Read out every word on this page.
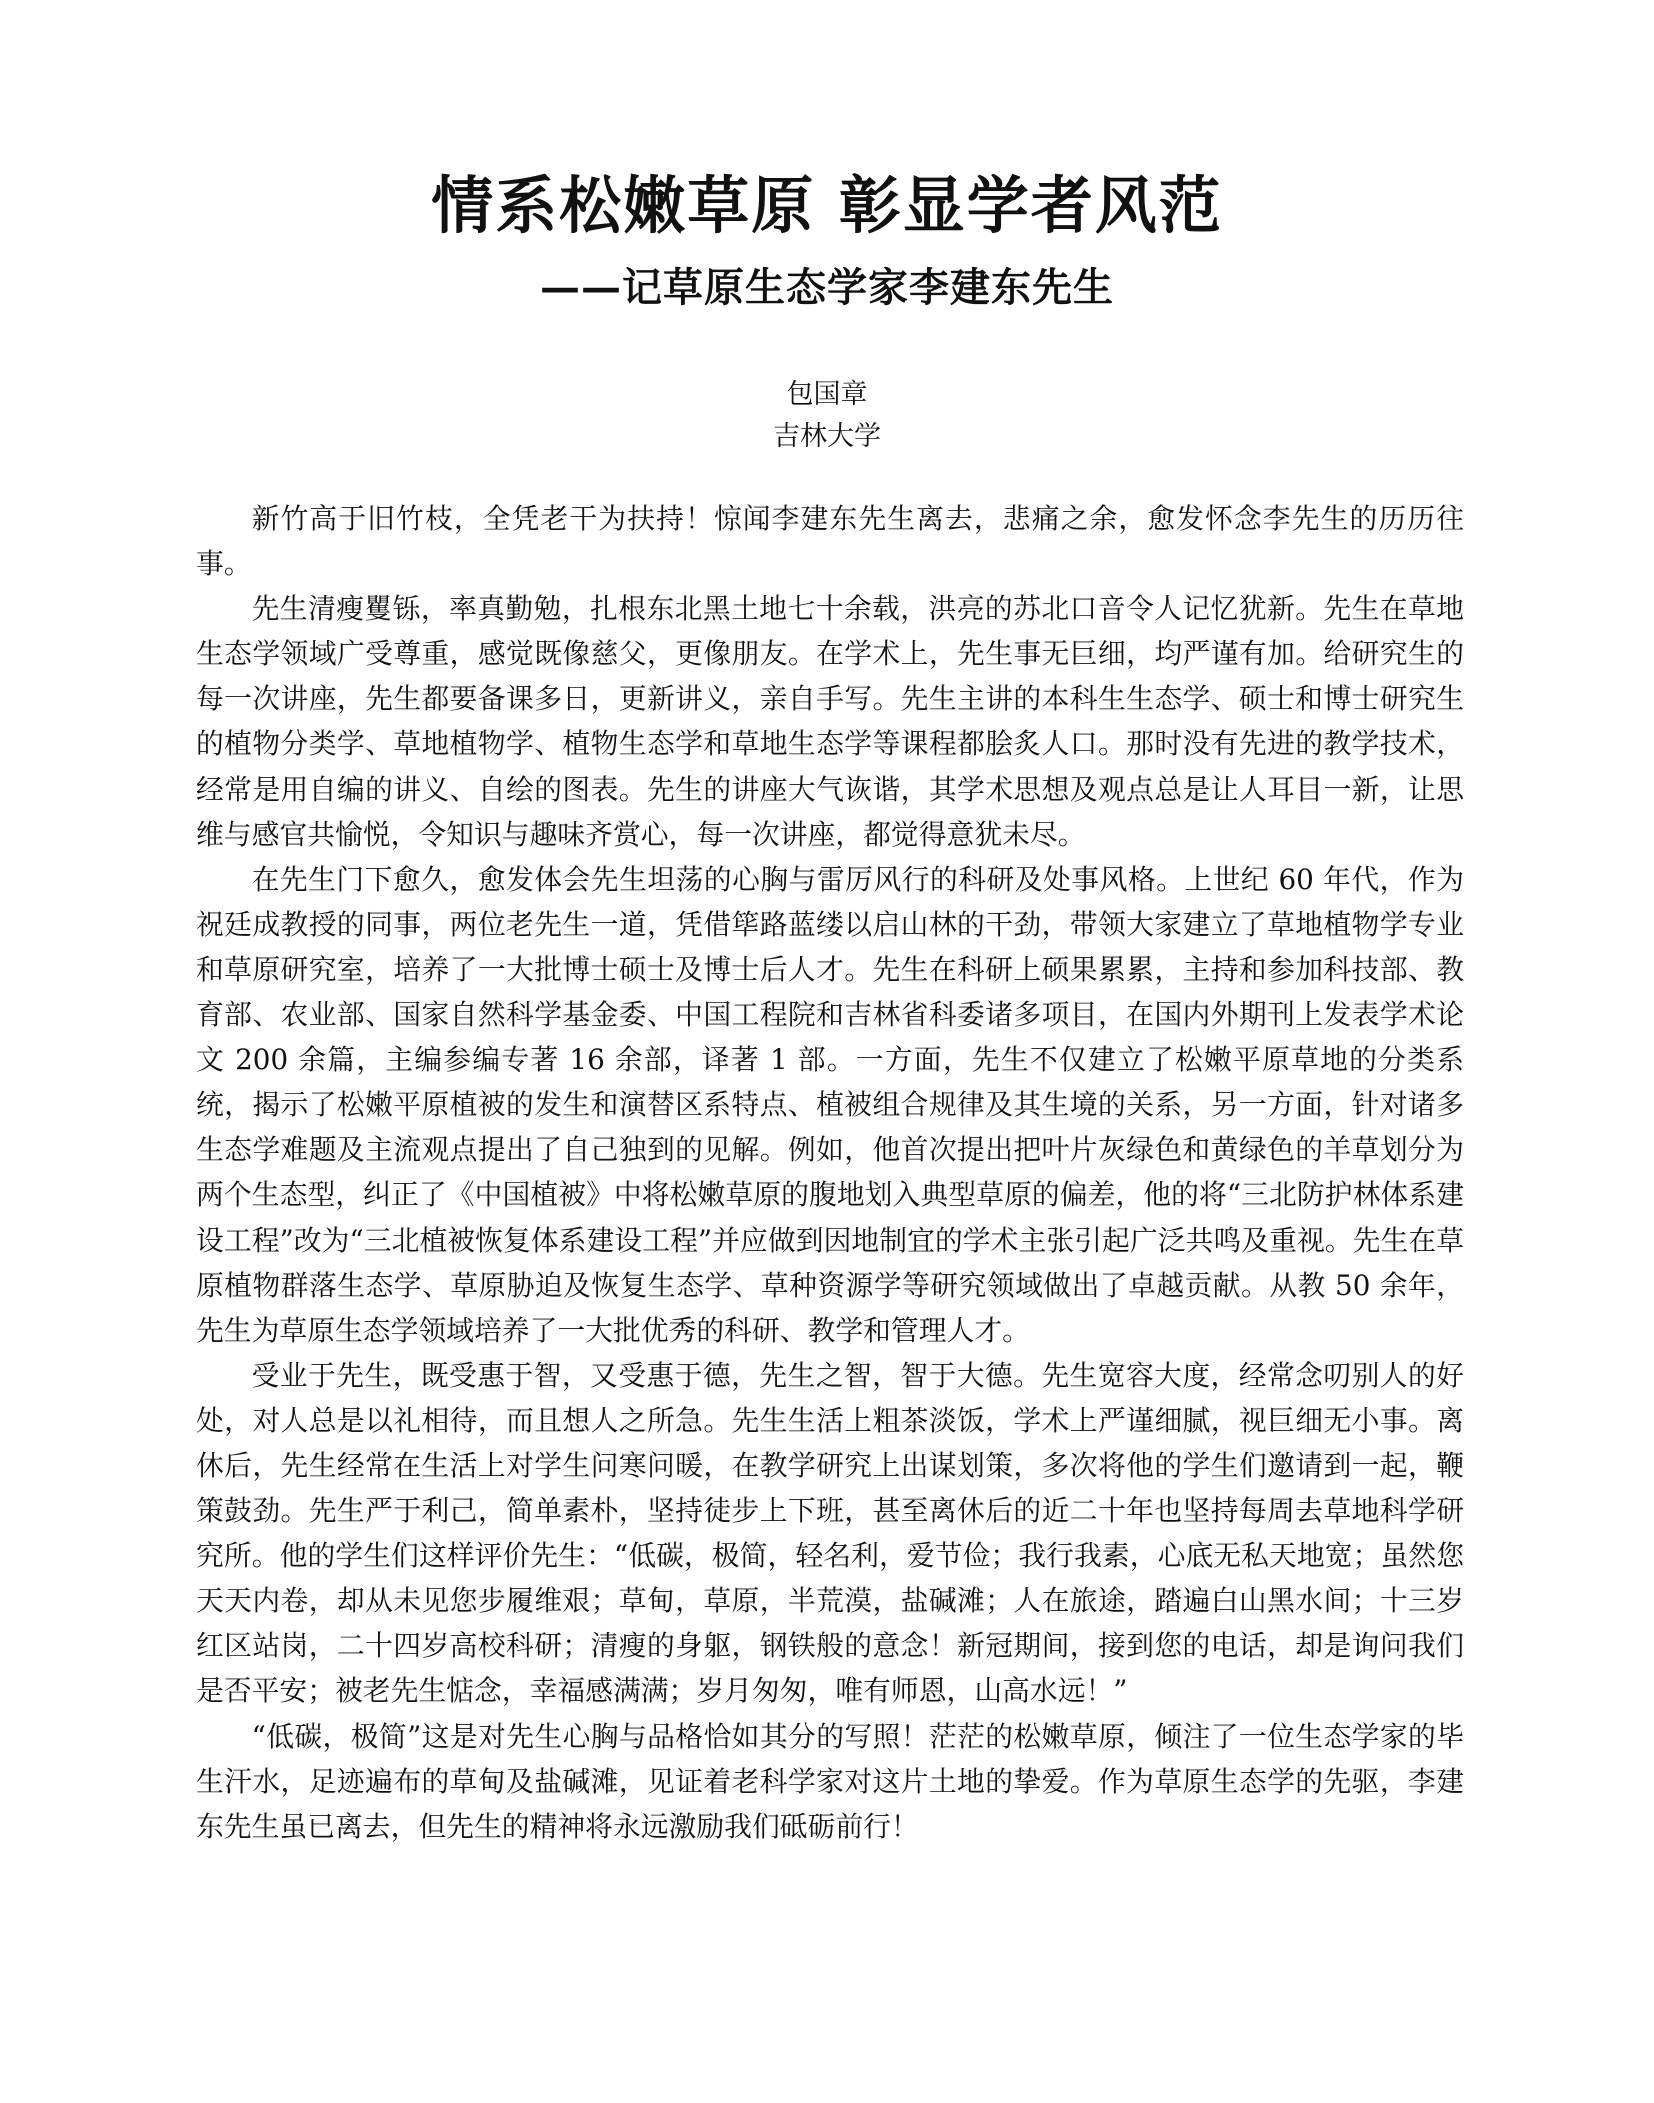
情系松嫩草原 彰显学者风范
——记草原生态学家李建东先生
包国章
吉林大学

新竹高于旧竹枝，全凭老干为扶持！惊闻李建东先生离去，悲痛之余，愈发怀念李先生的历历往事。

先生清瘦矍铄，率真勤勉，扎根东北黑土地七十余载，洪亮的苏北口音令人记忆犹新。先生在草地生态学领域广受尊重，感觉既像慈父，更像朋友。在学术上，先生事无巨细，均严谨有加。给研究生的每一次讲座，先生都要备课多日，更新讲义，亲自手写。先生主讲的本科生生态学、硕士和博士研究生的植物分类学、草地植物学、植物生态学和草地生态学等课程都脍炙人口。那时没有先进的教学技术，经常是用自编的讲义、自绘的图表。先生的讲座大气诙谐，其学术思想及观点总是让人耳目一新，让思维与感官共愉悦，令知识与趣味齐赏心，每一次讲座，都觉得意犹未尽。

在先生门下愈久，愈发体会先生坦荡的心胸与雷厉风行的科研及处事风格。上世纪 60 年代，作为祝廷成教授的同事，两位老先生一道，凭借筚路蓝缕以启山林的干劲，带领大家建立了草地植物学专业和草原研究室，培养了一大批博士硕士及博士后人才。先生在科研上硕果累累，主持和参加科技部、教育部、农业部、国家自然科学基金委、中国工程院和吉林省科委诸多项目，在国内外期刊上发表学术论文 200 余篇，主编参编专著 16 余部，译著 1 部。一方面，先生不仅建立了松嫩平原草地的分类系统，揭示了松嫩平原植被的发生和演替区系特点、植被组合规律及其生境的关系，另一方面，针对诸多生态学难题及主流观点提出了自己独到的见解。例如，他首次提出把叶片灰绿色和黄绿色的羊草划分为两个生态型，纠正了《中国植被》中将松嫩草原的腹地划入典型草原的偏差，他的将“三北防护林体系建设工程”改为“三北植被恢复体系建设工程”并应做到因地制宜的学术主张引起广泛共鸣及重视。先生在草原植物群落生态学、草原胁迫及恢复生态学、草种资源学等研究领域做出了卓越贡献。从教 50 余年，先生为草原生态学领域培养了一大批优秀的科研、教学和管理人才。

受业于先生，既受惠于智，又受惠于德，先生之智，智于大德。先生宽容大度，经常念叨别人的好处，对人总是以礼相待，而且想人之所急。先生生活上粗茶淡饭，学术上严谨细腻，视巨细无小事。离休后，先生经常在生活上对学生问寒问暖，在教学研究上出谋划策，多次将他的学生们邀请到一起，鞭策鼓劲。先生严于利己，简单素朴，坚持徒步上下班，甚至离休后的近二十年也坚持每周去草地科学研究所。他的学生们这样评价先生：“低碳，极简，轻名利，爱节俭；我行我素，心底无私天地宽；虽然您天天内卷，却从未见您步履维艰；草甸，草原，半荒漠，盐碱滩；人在旅途，踏遍白山黑水间；十三岁红区站岗，二十四岁高校科研；清瘦的身躯，钢铁般的意念！新冠期间，接到您的电话，却是询问我们是否平安；被老先生惦念，幸福感满满；岁月匆匆，唯有师恩，山高水远！”

“低碳，极简”这是对先生心胸与品格恰如其分的写照！茫茫的松嫩草原，倾注了一位生态学家的毕生汗水，足迹遍布的草甸及盐碱滩，见证着老科学家对这片土地的挚爱。作为草原生态学的先驱，李建东先生虽已离去，但先生的精神将永远激励我们砥砺前行！
